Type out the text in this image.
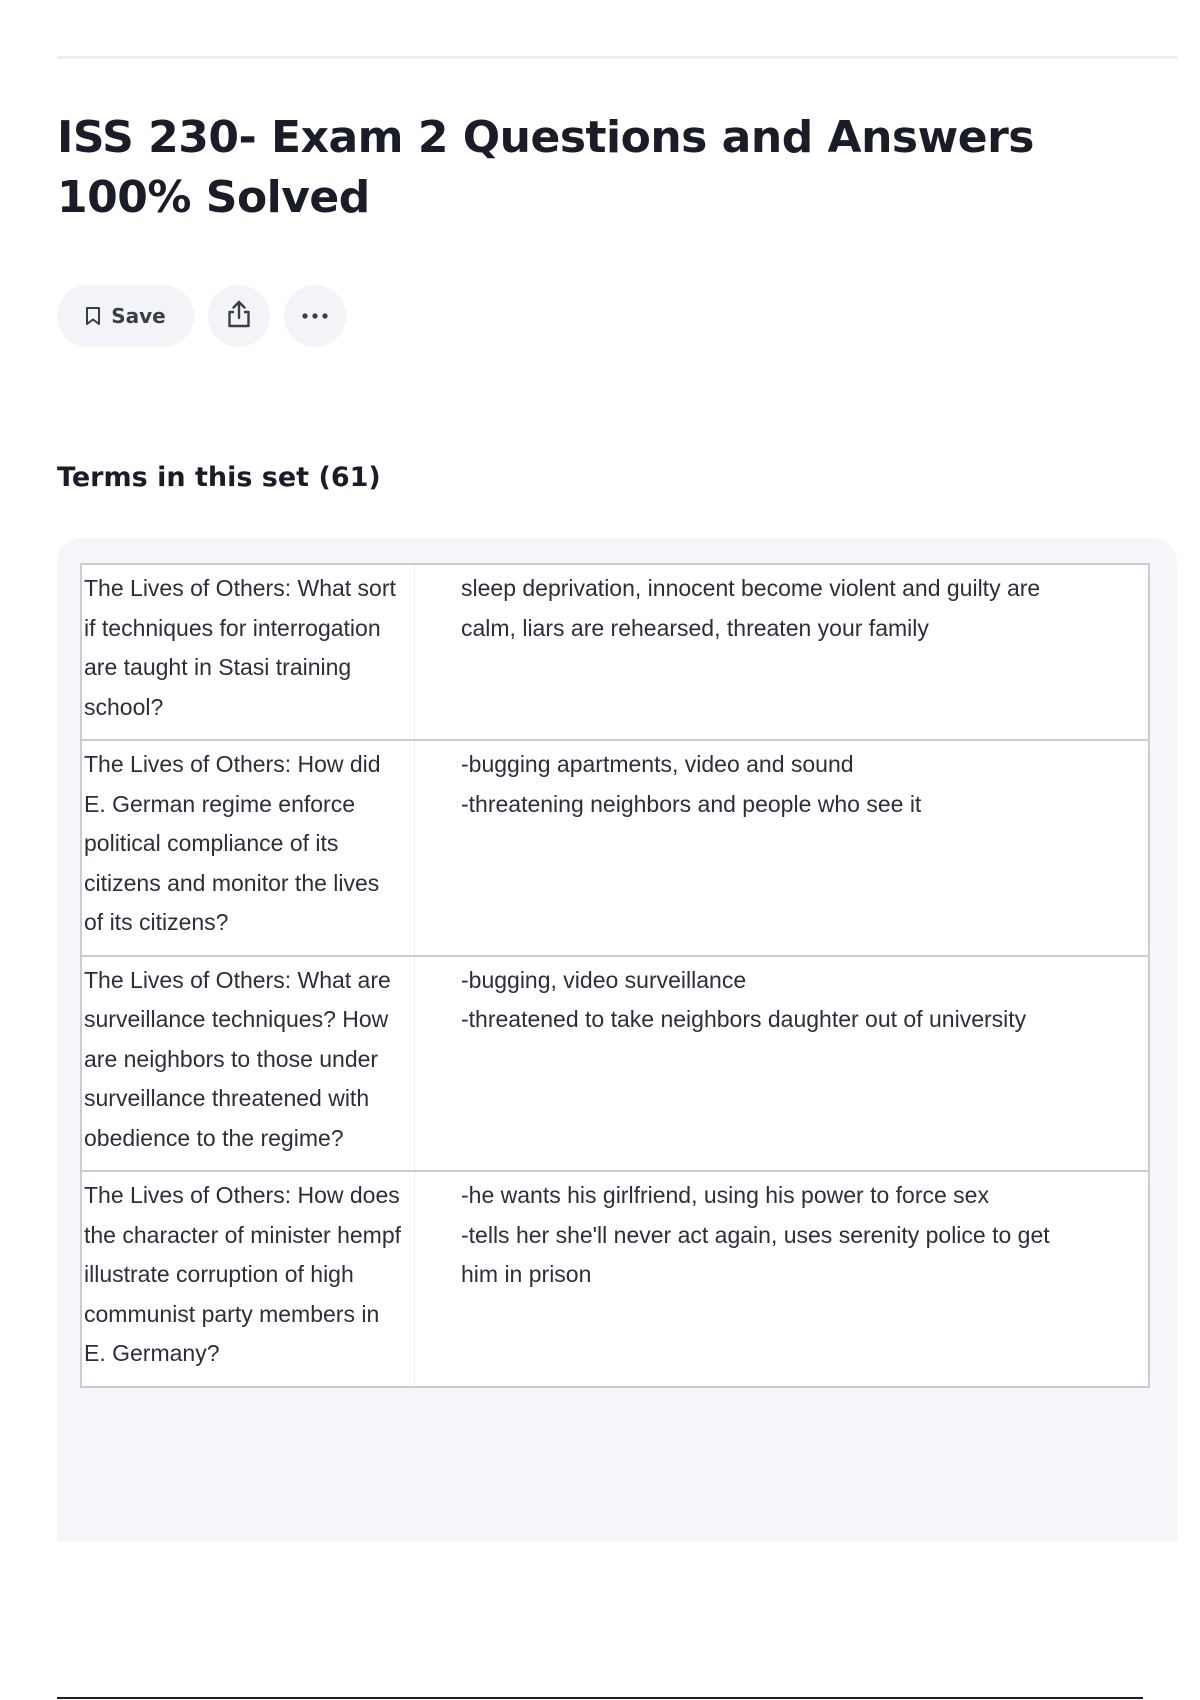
ISS 230- Exam 2 Questions and Answers 100% Solved
Save
Terms in this set (61)
The Lives of Others: What sort if techniques for interrogation are taught in Stasi training school?	sleep deprivation, innocent become violent and guilty are calm, liars are rehearsed, threaten your family

The Lives of Others: How did E. German regime enforce political compliance of its citizens and monitor the lives of its citizens?	-bugging apartments, video and sound
-threatening neighbors and people who see it

The Lives of Others: What are surveillance techniques? How are neighbors to those under surveillance threatened with obedience to the regime?	-bugging, video surveillance
-threatened to take neighbors daughter out of university

The Lives of Others: How does the character of minister hempf illustrate corruption of high communist party members in E. Germany?	-he wants his girlfriend, using his power to force sex
-tells her she'll never act again, uses serenity police to get him in prison
